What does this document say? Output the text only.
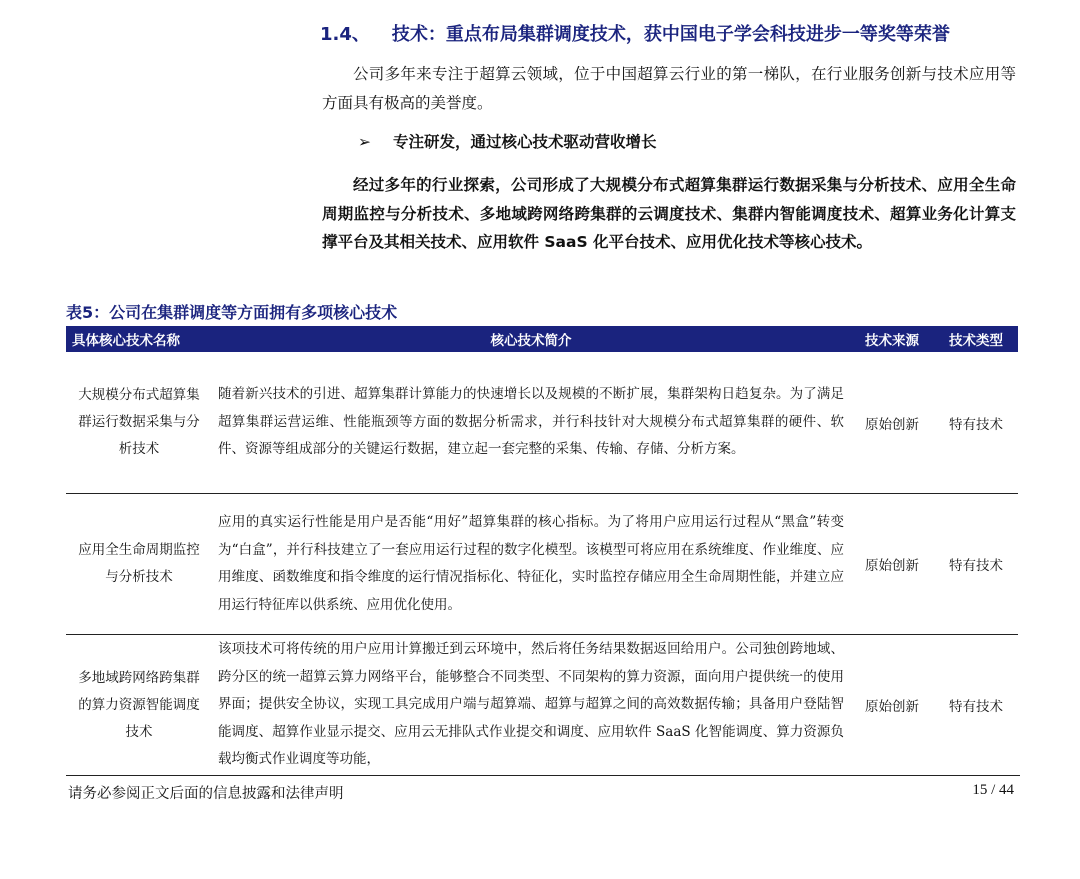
1.4、 技术：重点布局集群调度技术，获中国电子学会科技进步一等奖等荣誉
公司多年来专注于超算云领域，位于中国超算云行业的第一梯队，在行业服务创新与技术应用等方面具有极高的美誉度。
➢ 专注研发，通过核心技术驱动营收增长
经过多年的行业探索，公司形成了大规模分布式超算集群运行数据采集与分析技术、应用全生命周期监控与分析技术、多地域跨网络跨集群的云调度技术、集群内智能调度技术、超算业务化计算支撑平台及其相关技术、应用软件 SaaS 化平台技术、应用优化技术等核心技术。
表5：公司在集群调度等方面拥有多项核心技术
具体核心技术名称	核心技术简介	技术来源	技术类型
大规模分布式超算集群运行数据采集与分析技术	随着新兴技术的引进、超算集群计算能力的快速增长以及规模的不断扩展，集群架构日趋复杂。为了满足超算集群运营运维、性能瓶颈等方面的数据分析需求，并行科技针对大规模分布式超算集群的硬件、软件、资源等组成部分的关键运行数据，建立起一套完整的采集、传输、存储、分析方案。	原始创新	特有技术
应用全生命周期监控与分析技术	应用的真实运行性能是用户是否能“用好”超算集群的核心指标。为了将用户应用运行过程从“黑盒”转变为“白盒”，并行科技建立了一套应用运行过程的数字化模型。该模型可将应用在系统维度、作业维度、应用维度、函数维度和指令维度的运行情况指标化、特征化，实时监控存储应用全生命周期性能，并建立应用运行特征库以供系统、应用优化使用。	原始创新	特有技术
多地域跨网络跨集群的算力资源智能调度技术	该项技术可将传统的用户应用计算搬迁到云环境中，然后将任务结果数据返回给用户。公司独创跨地域、跨分区的统一超算云算力网络平台，能够整合不同类型、不同架构的算力资源，面向用户提供统一的使用界面；提供安全协议，实现工具完成用户端与超算端、超算与超算之间的高效数据传输；具备用户登陆智能调度、超算作业显示提交、应用云无排队式作业提交和调度、应用软件 SaaS 化智能调度、算力资源负载均衡式作业调度等功能，	原始创新	特有技术
请务必参阅正文后面的信息披露和法律声明	15 / 44
